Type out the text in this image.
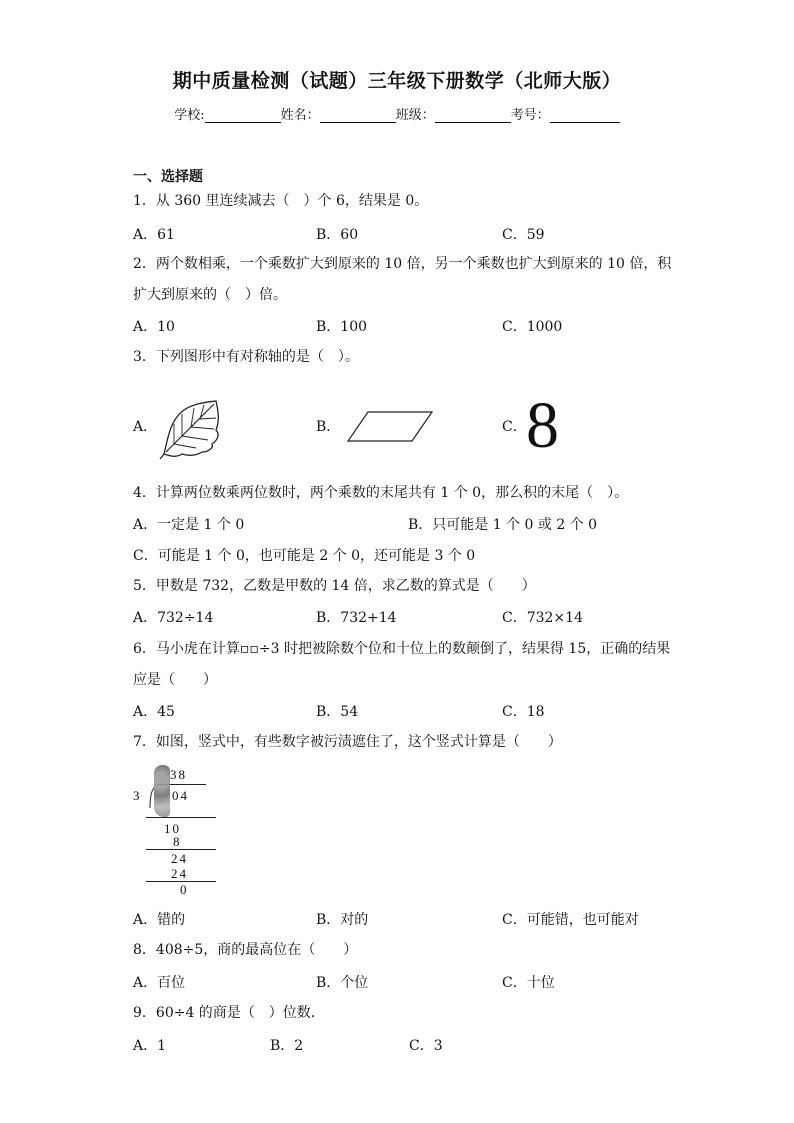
期中质量检测（试题）三年级下册数学（北师大版）
学校:	姓名：	班级：	考号：
一、选择题
1．从 360 里连续减去（　）个 6，结果是 0。
A．61	B．60	C．59
2．两个数相乘，一个乘数扩大到原来的 10 倍，另一个乘数也扩大到原来的 10 倍，积
扩大到原来的（　）倍。
A．10	B．100	C．1000
3．下列图形中有对称轴的是（　）。
A．	B．	C． 8
4．计算两位数乘两位数时，两个乘数的末尾共有 1 个 0，那么积的末尾（　）。
A．一定是 1 个 0	B．只可能是 1 个 0 或 2 个 0
C．可能是 1 个 0，也可能是 2 个 0，还可能是 3 个 0
5．甲数是 732，乙数是甲数的 14 倍，求乙数的算式是（　　）
A．732÷14	B．732+14	C．732×14
6．马小虎在计算▫▫÷3 时把被除数个位和十位上的数颠倒了，结果得 15，正确的结果
应是（　　）
A．45	B．54	C．18
7．如图，竖式中，有些数字被污渍遮住了，这个竖式计算是（　　）
38
3	04
10
8
24
24
0
A．错的	B．对的	C．可能错，也可能对
8．408÷5，商的最高位在（　　）
A．百位	B．个位	C．十位
9．60÷4 的商是（　）位数．
A．1	B．2	C．3
